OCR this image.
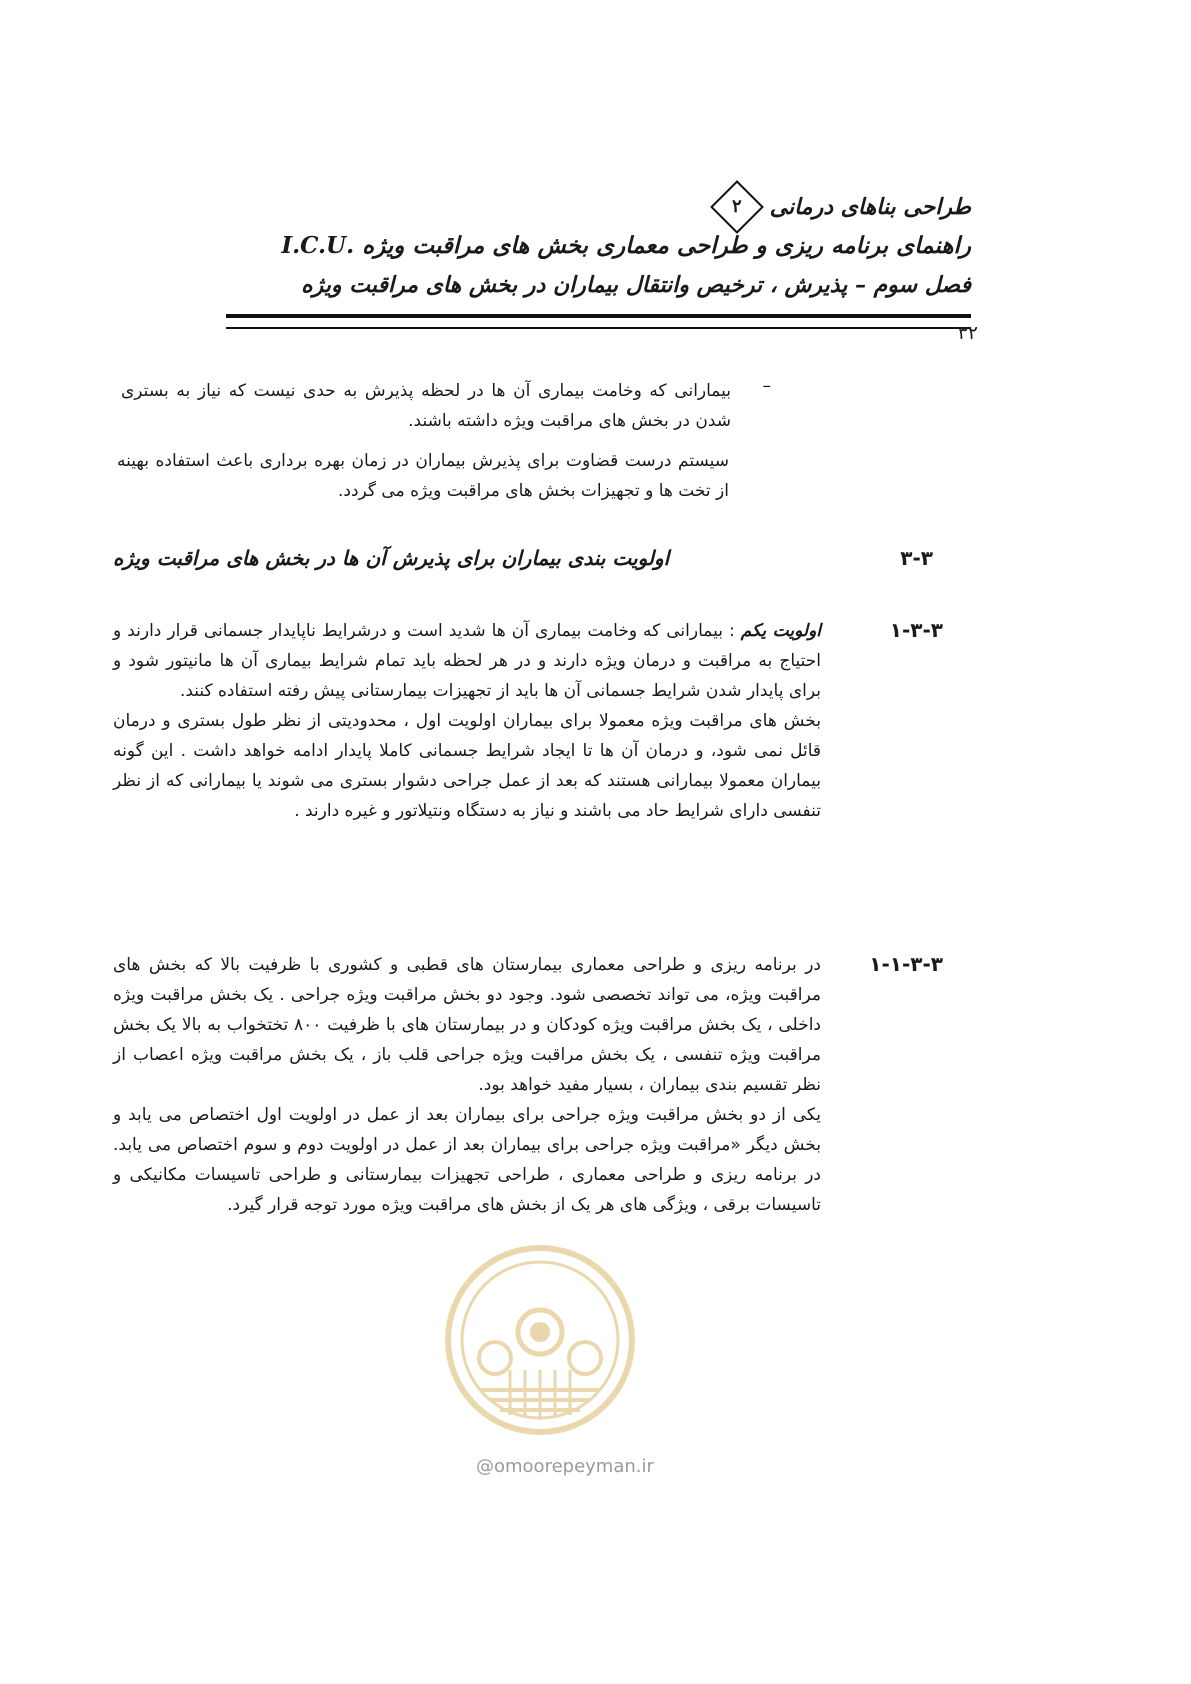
طراحی بناهای درمانی
۲
راهنمای برنامه ریزی و طراحی معماری بخش های مراقبت ویژه .I.C.U
فصل سوم – پذیرش ، ترخیص وانتقال بیماران در بخش های مراقبت ویژه
۳۲
–
بیمارانی که وخامت بیماری آن ها در لحظه پذیرش به حدی نیست که نیاز به بستری شدن در بخش های مراقبت ویژه داشته باشند.
سیستم درست قضاوت برای پذیرش بیماران در زمان بهره برداری باعث استفاده بهینه از تخت ها و تجهیزات بخش های مراقبت ویژه می گردد.
۳-۳
اولویت بندی بیماران برای پذیرش آن ها در بخش های مراقبت ویژه
۱-۳-۳
اولویت یکم : بیمارانی که وخامت بیماری آن ها شدید است و درشرایط ناپایدار جسمانی قرار دارند و احتیاج به مراقبت و درمان ویژه دارند و در هر لحظه باید تمام شرایط بیماری آن ها مانیتور شود و برای پایدار شدن شرایط جسمانی آن ها باید از تجهیزات بیمارستانی پیش رفته استفاده کنند.
بخش های مراقبت ویژه معمولا برای بیماران اولویت اول ، محدودیتی از نظر طول بستری و درمان قائل نمی شود، و درمان آن ها تا ایجاد شرایط جسمانی کاملا پایدار ادامه خواهد داشت . این گونه بیماران معمولا بیمارانی هستند که بعد از عمل جراحی دشوار بستری می شوند یا بیمارانی که از نظر تنفسی دارای شرایط حاد می باشند و نیاز به دستگاه ونتیلاتور و غیره دارند .
۱-۱-۳-۳
در برنامه ریزی و طراحی معماری بیمارستان های قطبی و کشوری با ظرفیت بالا که بخش های مراقبت ویژه، می تواند تخصصی شود. وجود دو بخش مراقبت ویژه جراحی . یک بخش مراقبت ویژه داخلی ، یک بخش مراقبت ویژه کودکان و در بیمارستان های با ظرفیت ۸۰۰ تختخواب به بالا یک بخش مراقبت ویژه تنفسی ، یک بخش مراقبت ویژه جراحی قلب باز ، یک بخش مراقبت ویژه اعصاب از نظر تقسیم بندی بیماران ، بسیار مفید خواهد بود.
یکی از دو بخش مراقبت ویژه جراحی برای بیماران بعد از عمل در اولویت اول اختصاص می یابد و بخش دیگر «مراقبت ویژه جراحی برای بیماران بعد از عمل در اولویت دوم و سوم اختصاص می یابد. در برنامه ریزی و طراحی معماری ، طراحی تجهیزات بیمارستانی و طراحی تاسیسات مکانیکی و تاسیسات برقی ، ویژگی های هر یک از بخش های مراقبت ویژه مورد توجه قرار گیرد.
@omoorepeyman.ir
